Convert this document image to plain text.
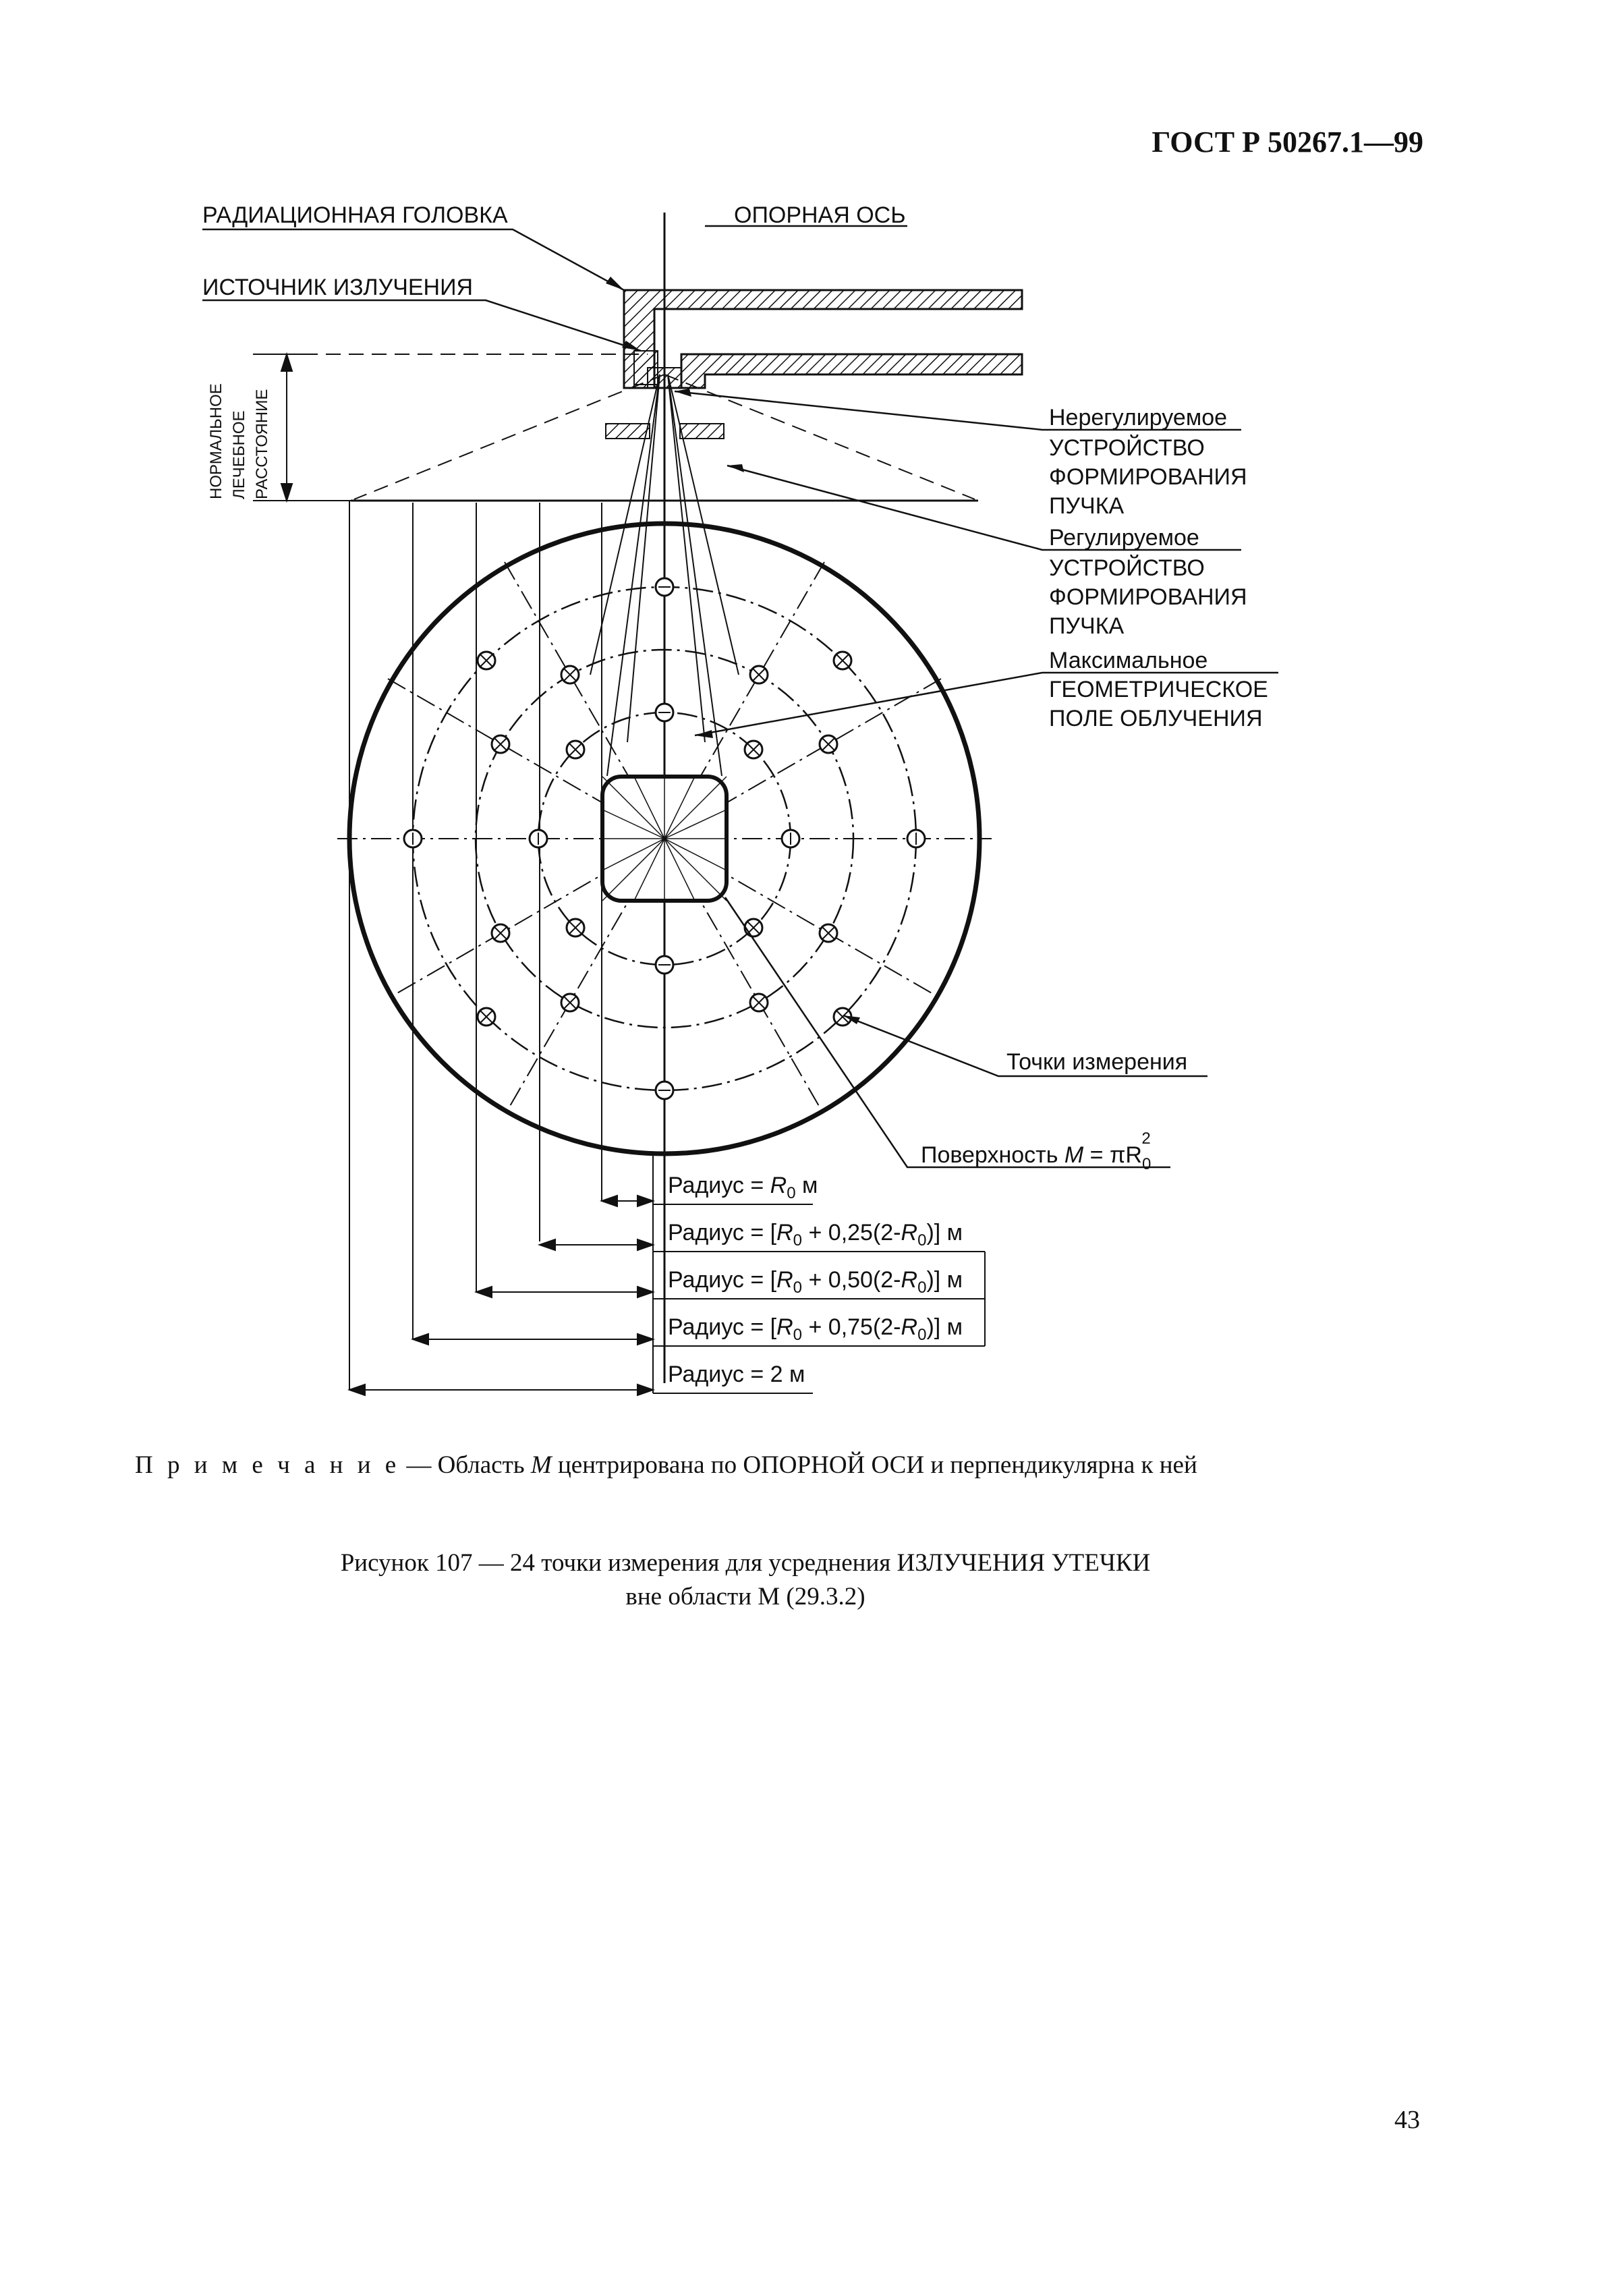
ГОСТ Р 50267.1—99
НОРМАЛЬНОЕ ЛЕЧЕБНОЕ РАССТОЯНИЕ
РАДИАЦИОННАЯ ГОЛОВКА	ОПОРНАЯ ОСЬ
ИСТОЧНИК ИЗЛУЧЕНИЯ
Нерегулируемое
УСТРОЙСТВО
ФОРМИРОВАНИЯ
ПУЧКА
Регулируемое
УСТРОЙСТВО
ФОРМИРОВАНИЯ
ПУЧКА
Максимальное
ГЕОМЕТРИЧЕСКОЕ
ПОЛЕ ОБЛУЧЕНИЯ
Точки измерения
Поверхность $M = \pi R_02$
Радиус = $R_0$ м
Радиус = $[R_0 + 0,25(2-R_0)]$ м
Радиус = $[R_0 + 0,50(2-R_0)]$ м
Радиус = $[R_0 + 0,75(2-R_0)]$ м
Радиус = 2 м
П р и м е ч а н и е — Область M центрирована по ОПОРНОЙ ОСИ и перпендикулярна к ней
Рисунок 107 — 24 точки измерения для усреднения ИЗЛУЧЕНИЯ УТЕЧКИ
вне области М (29.3.2)
43
